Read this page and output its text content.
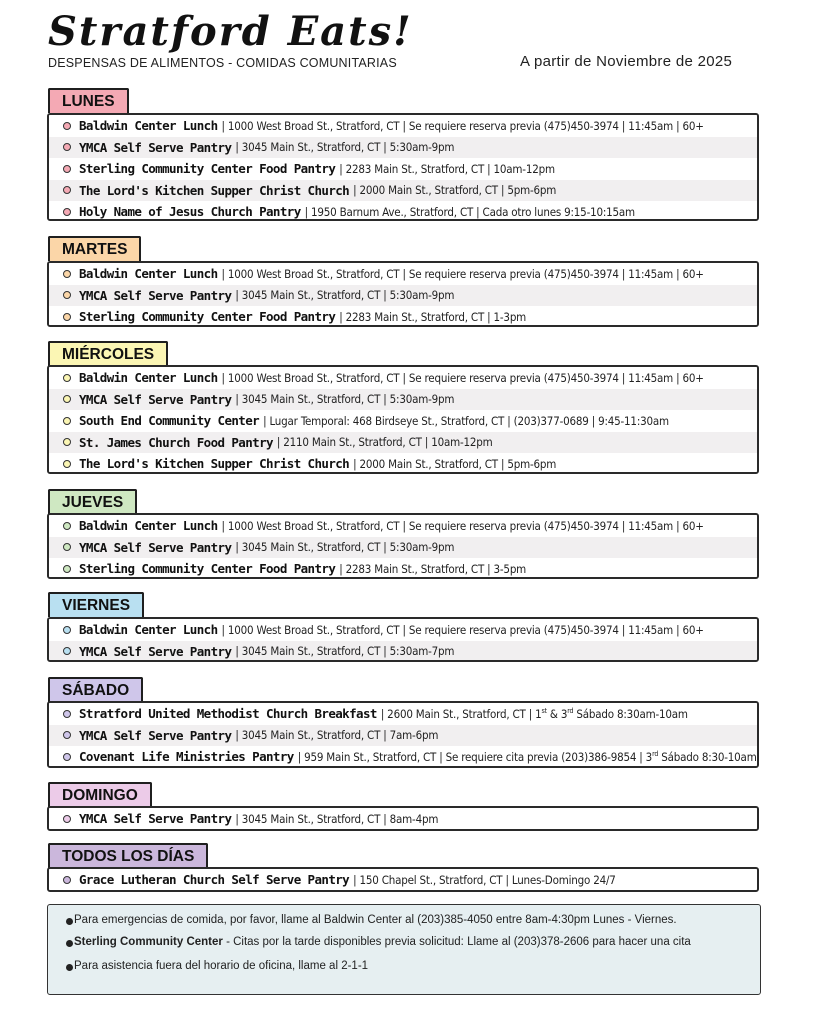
Stratford Eats!
DESPENSAS DE ALIMENTOS - COMIDAS COMUNITARIAS	A partir de Noviembre de 2025
LUNES
Baldwin Center Lunch | 1000 West Broad St., Stratford, CT | Se requiere reserva previa (475)450-3974 | 11:45am | 60+
YMCA Self Serve Pantry | 3045 Main St., Stratford, CT | 5:30am-9pm
Sterling Community Center Food Pantry | 2283 Main St., Stratford, CT | 10am-12pm
The Lord's Kitchen Supper Christ Church | 2000 Main St., Stratford, CT | 5pm-6pm
Holy Name of Jesus Church Pantry | 1950 Barnum Ave., Stratford, CT | Cada otro lunes 9:15-10:15am
MARTES
Baldwin Center Lunch | 1000 West Broad St., Stratford, CT | Se requiere reserva previa (475)450-3974 | 11:45am | 60+
YMCA Self Serve Pantry | 3045 Main St., Stratford, CT | 5:30am-9pm
Sterling Community Center Food Pantry | 2283 Main St., Stratford, CT | 1-3pm
MIÉRCOLES
Baldwin Center Lunch | 1000 West Broad St., Stratford, CT | Se requiere reserva previa (475)450-3974 | 11:45am | 60+
YMCA Self Serve Pantry | 3045 Main St., Stratford, CT | 5:30am-9pm
South End Community Center | Lugar Temporal: 468 Birdseye St., Stratford, CT | (203)377-0689 | 9:45-11:30am
St. James Church Food Pantry | 2110 Main St., Stratford, CT | 10am-12pm
The Lord's Kitchen Supper Christ Church | 2000 Main St., Stratford, CT | 5pm-6pm
JUEVES
Baldwin Center Lunch | 1000 West Broad St., Stratford, CT | Se requiere reserva previa (475)450-3974 | 11:45am | 60+
YMCA Self Serve Pantry | 3045 Main St., Stratford, CT | 5:30am-9pm
Sterling Community Center Food Pantry | 2283 Main St., Stratford, CT | 3-5pm
VIERNES
Baldwin Center Lunch | 1000 West Broad St., Stratford, CT | Se requiere reserva previa (475)450-3974 | 11:45am | 60+
YMCA Self Serve Pantry | 3045 Main St., Stratford, CT | 5:30am-7pm
SÁBADO
Stratford United Methodist Church Breakfast | 2600 Main St., Stratford, CT | 1st & 3rd Sábado 8:30am-10am
YMCA Self Serve Pantry | 3045 Main St., Stratford, CT | 7am-6pm
Covenant Life Ministries Pantry | 959 Main St., Stratford, CT | Se requiere cita previa (203)386-9854 | 3rd Sábado 8:30-10am
DOMINGO
YMCA Self Serve Pantry | 3045 Main St., Stratford, CT | 8am-4pm
TODOS LOS DÍAS
Grace Lutheran Church Self Serve Pantry | 150 Chapel St., Stratford, CT | Lunes-Domingo 24/7
Para emergencias de comida, por favor, llame al Baldwin Center al (203)385-4050 entre 8am-4:30pm Lunes - Viernes.
Sterling Community Center - Citas por la tarde disponibles previa solicitud: Llame al (203)378-2606 para hacer una cita
Para asistencia fuera del horario de oficina, llame al 2-1-1
